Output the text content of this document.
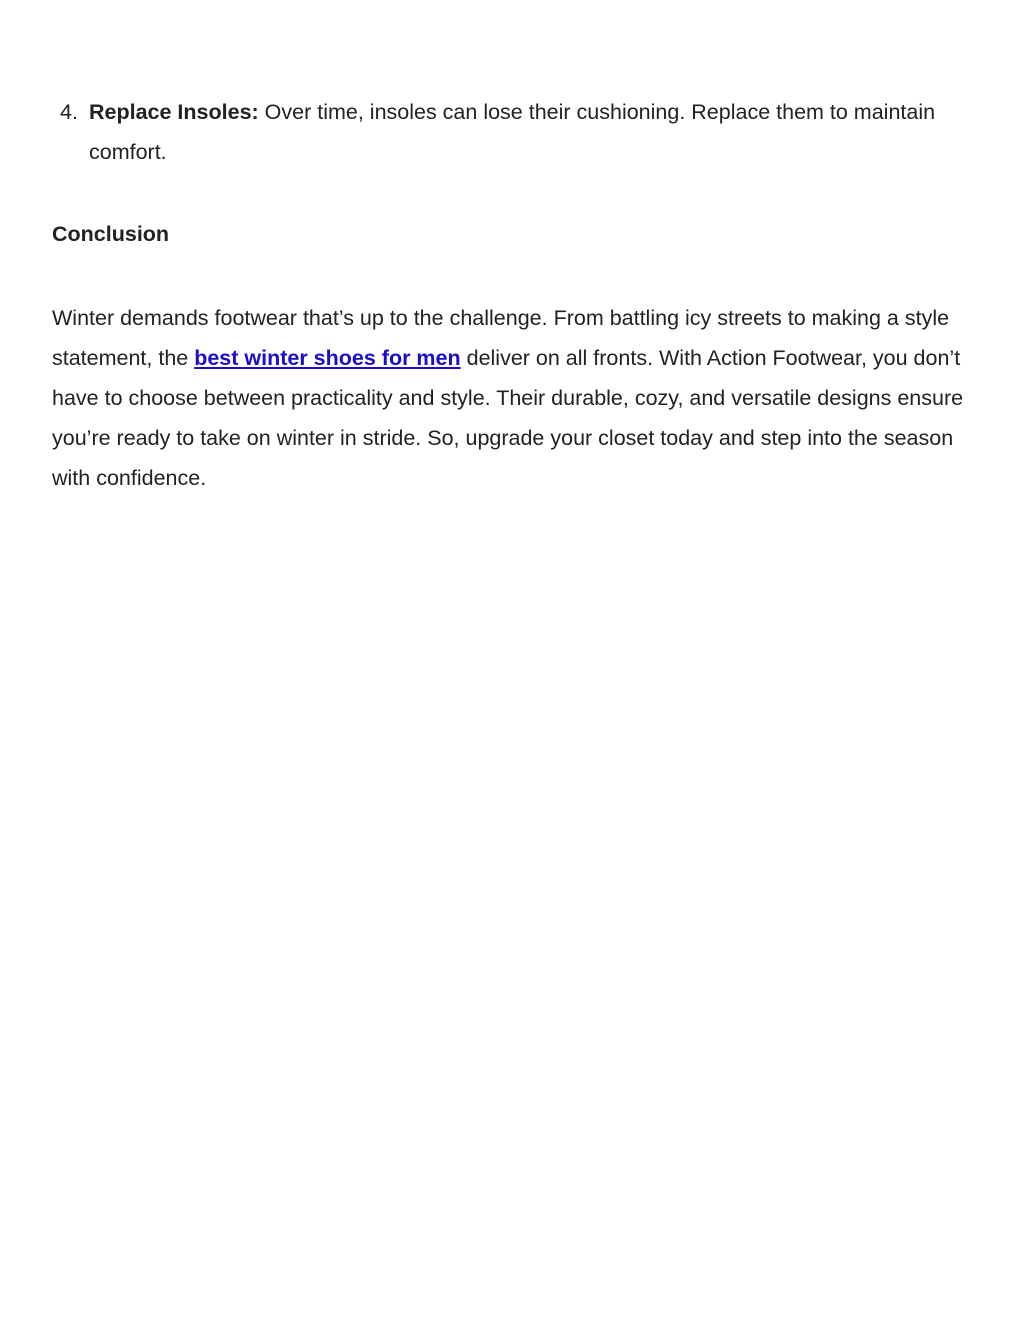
4. Replace Insoles: Over time, insoles can lose their cushioning. Replace them to maintain comfort.
Conclusion

Winter demands footwear that’s up to the challenge. From battling icy streets to making a style statement, the best winter shoes for men deliver on all fronts. With Action Footwear, you don’t have to choose between practicality and style. Their durable, cozy, and versatile designs ensure you’re ready to take on winter in stride. So, upgrade your closet today and step into the season with confidence.
